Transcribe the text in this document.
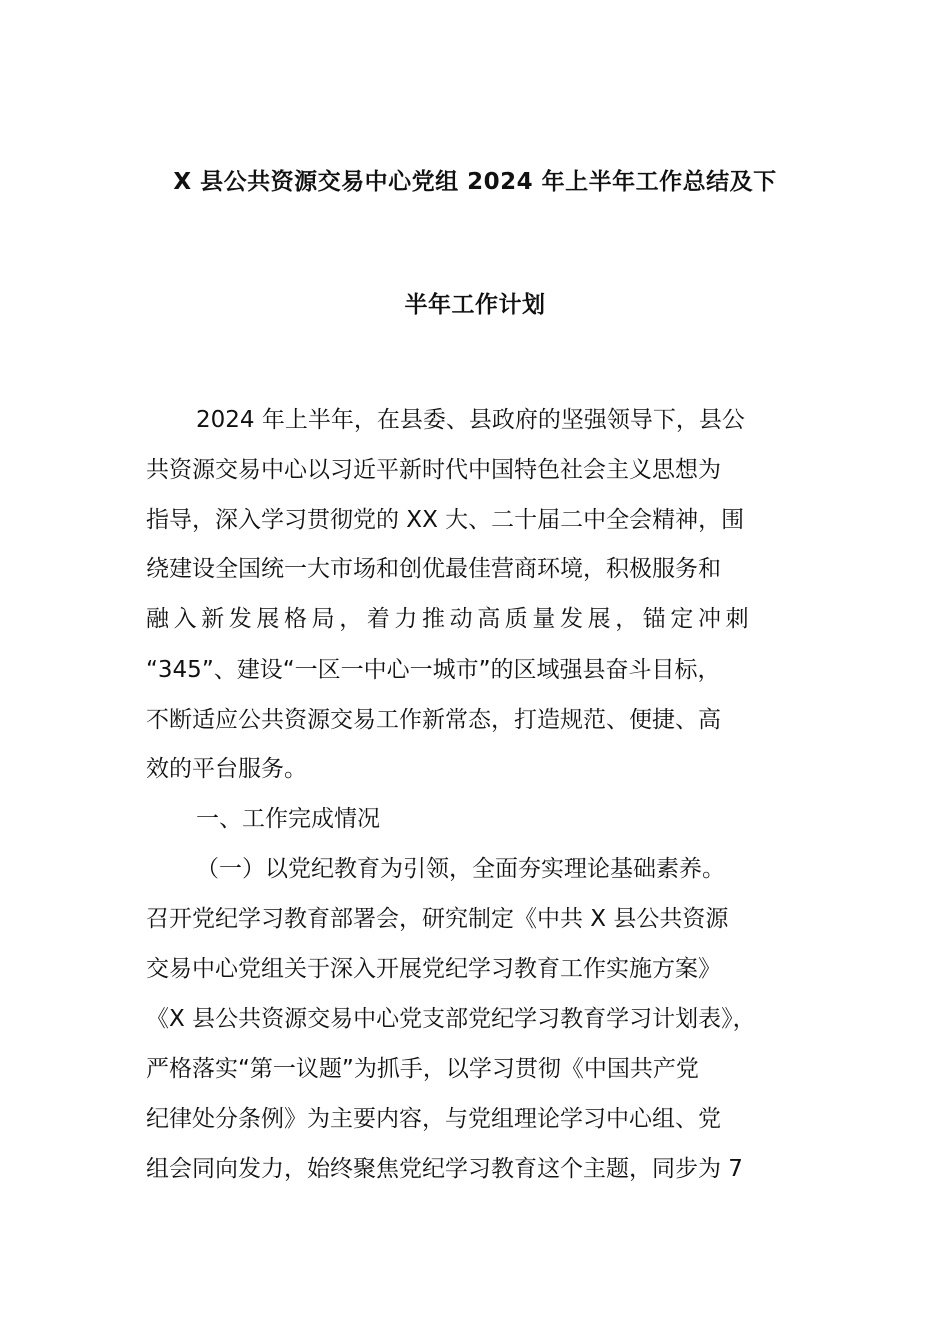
X 县公共资源交易中心党组 2024 年上半年工作总结及下
半年工作计划
2024 年上半年，在县委、县政府的坚强领导下，县公
共资源交易中心以习近平新时代中国特色社会主义思想为
指导，深入学习贯彻党的 XX 大、二十届二中全会精神，围
绕建设全国统一大市场和创优最佳营商环境，积极服务和
融入新发展格局，着力推动高质量发展，锚定冲刺
“345”、建设“一区一中心一城市”的区域强县奋斗目标，
不断适应公共资源交易工作新常态，打造规范、便捷、高
效的平台服务。
一、工作完成情况
（一）以党纪教育为引领，全面夯实理论基础素养。
召开党纪学习教育部署会，研究制定《中共 X 县公共资源
交易中心党组关于深入开展党纪学习教育工作实施方案》
《X 县公共资源交易中心党支部党纪学习教育学习计划表》，
严格落实“第一议题”为抓手，以学习贯彻《中国共产党
纪律处分条例》为主要内容，与党组理论学习中心组、党
组会同向发力，始终聚焦党纪学习教育这个主题，同步为 7
